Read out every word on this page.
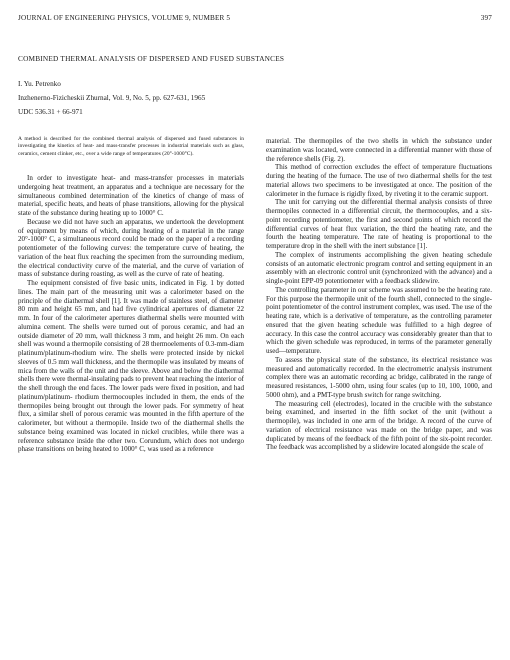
JOURNAL OF ENGINEERING PHYSICS, VOLUME 9, NUMBER 5	397
COMBINED THERMAL ANALYSIS OF DISPERSED AND FUSED SUBSTANCES
I. Yu. Petrenko
Inzhenerno-Fizicheskii Zhurnal, Vol. 9, No. 5, pp. 627-631, 1965
UDC 536.31 + 66-971
A method is described for the combined thermal analysis of dispersed and fused substances in investigating the kinetics of heat- and mass-transfer processes in industrial materials such as glass, ceramics, cement clinker, etc., over a wide range of temperatures (20°-1000°C).

In order to investigate heat- and mass-transfer processes in materials undergoing heat treatment, an apparatus and a technique are necessary for the simultaneous combined determination of the kinetics of change of mass of material, specific heats, and heats of phase transitions, allowing for the physical state of the substance during heating up to 1000° C.

Because we did not have such an apparatus, we undertook the development of equipment by means of which, during heating of a material in the range 20°-1000° C, a simultaneous record could be made on the paper of a recording potentiometer of the following curves: the temperature curve of heating, the variation of the heat flux reaching the specimen from the surrounding medium, the electrical conductivity curve of the material, and the curve of variation of mass of substance during roasting, as well as the curve of rate of heating.

The equipment consisted of five basic units, indicated in Fig. 1 by dotted lines. The main part of the measuring unit was a calorimeter based on the principle of the diathermal shell [1]. It was made of stainless steel, of diameter 80 mm and height 65 mm, and had five cylindrical apertures of diameter 22 mm. In four of the calorimeter apertures diathermal shells were mounted with alumina cement. The shells were turned out of porous ceramic, and had an outside diameter of 20 mm, wall thickness 3 mm, and height 26 mm. On each shell was wound a thermopile consisting of 28 thermoelements of 0.3-mm-diam platinum/platinum-rhodium wire. The shells were protected inside by nickel sleeves of 0.5 mm wall thickness, and the thermopile was insulated by means of mica from the walls of the unit and the sleeve. Above and below the diathermal shells there were thermal-insulating pads to prevent heat reaching the interior of the shell through the end faces. The lower pads were fixed in position, and had platinum/platinum- rhodium thermocouples included in them, the ends of the thermopiles being brought out through the lower pads. For symmetry of heat flux, a similar shell of porous ceramic was mounted in the fifth aperture of the calorimeter, but without a thermopile. Inside two of the diathermal shells the substance being examined was located in nickel crucibles, while there was a reference substance inside the other two. Corundum, which does not undergo phase transitions on being heated to 1000° C, was used as a reference

material. The thermopiles of the two shells in which the substance under examination was located, were connected in a differential manner with those of the reference shells (Fig. 2).

This method of correction excludes the effect of temperature fluctuations during the heating of the furnace. The use of two diathermal shells for the test material allows two specimens to be investigated at once. The position of the calorimeter in the furnace is rigidly fixed, by riveting it to the ceramic support.

The unit for carrying out the differential thermal analysis consists of three thermopiles connected in a differential circuit, the thermocouples, and a six-point recording potentiometer, the first and second points of which record the differential curves of heat flux variation, the third the heating rate, and the fourth the heating temperature. The rate of heating is proportional to the temperature drop in the shell with the inert substance [1].

The complex of instruments accomplishing the given heating schedule consists of an automatic electronic program control and setting equipment in an assembly with an electronic control unit (synchronized with the advance) and a single-point EPP-09 potentiometer with a feedback slidewire.

The controlling parameter in our scheme was assumed to be the heating rate. For this purpose the thermopile unit of the fourth shell, connected to the single-point potentiometer of the control instrument complex, was used. The use of the heating rate, which is a derivative of temperature, as the controlling parameter ensured that the given heating schedule was fulfilled to a high degree of accuracy. In this case the control accuracy was considerably greater than that to which the given schedule was reproduced, in terms of the parameter generally used—temperature.

To assess the physical state of the substance, its electrical resistance was measured and automatically recorded. In the electrometric analysis instrument complex there was an automatic recording ac bridge, calibrated in the range of measured resistances, 1-5000 ohm, using four scales (up to 10, 100, 1000, and 5000 ohm), and a PMT-type brush switch for range switching.

The measuring cell (electrodes), located in the crucible with the substance being examined, and inserted in the fifth socket of the unit (without a thermopile), was included in one arm of the bridge. A record of the curve of variation of electrical resistance was made on the bridge paper, and was duplicated by means of the feedback of the fifth point of the six-point recorder. The feedback was accomplished by a slidewire located alongside the scale of
